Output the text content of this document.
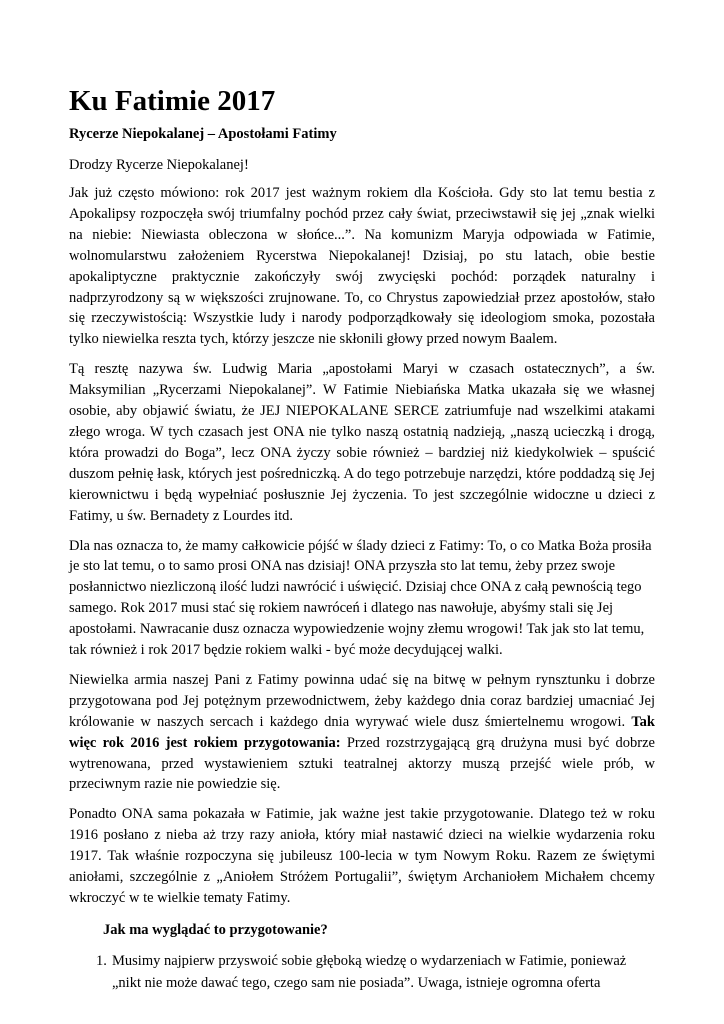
Ku Fatimie 2017
Rycerze Niepokalanej – Apostołami Fatimy
Drodzy Rycerze Niepokalanej!

Jak już często mówiono: rok 2017 jest ważnym rokiem dla Kościoła. Gdy sto lat temu bestia z Apokalipsy rozpoczęła swój triumfalny pochód przez cały świat, przeciwstawił się jej „znak wielki na niebie: Niewiasta obleczona w słońce...”. Na komunizm Maryja odpowiada w Fatimie, wolnomularstwu założeniem Rycerstwa Niepokalanej! Dzisiaj, po stu latach, obie bestie apokaliptyczne praktycznie zakończyły swój zwycięski pochód: porządek naturalny i nadprzyrodzony są w większości zrujnowane. To, co Chrystus zapowiedział przez apostołów, stało się rzeczywistością: Wszystkie ludy i narody podporządkowały się ideologiom smoka, pozostała tylko niewielka reszta tych, którzy jeszcze nie skłonili głowy przed nowym Baalem.

Tą resztę nazywa św. Ludwig Maria „apostołami Maryi w czasach ostatecznych”, a św. Maksymilian „Rycerzami Niepokalanej”. W Fatimie Niebiańska Matka ukazała się we własnej osobie, aby objawić światu, że JEJ NIEPOKALANE SERCE zatriumfuje nad wszelkimi atakami złego wroga. W tych czasach jest ONA nie tylko naszą ostatnią nadzieją, „naszą ucieczką i drogą, która prowadzi do Boga”, lecz ONA życzy sobie również – bardziej niż kiedykolwiek – spuścić duszom pełnię łask, których jest pośredniczką. A do tego potrzebuje narzędzi, które poddadzą się Jej kierownictwu i będą wypełniać posłusznie Jej życzenia. To jest szczególnie widoczne u dzieci z Fatimy, u św. Bernadety z Lourdes itd.

Dla nas oznacza to, że mamy całkowicie pójść w ślady dzieci z Fatimy: To, o co Matka Boża prosiła je sto lat temu, o to samo prosi ONA nas dzisiaj! ONA przyszła sto lat temu, żeby przez swoje posłannictwo niezliczoną ilość ludzi nawrócić i uświęcić. Dzisiaj chce ONA z całą pewnością tego samego. Rok 2017 musi stać się rokiem nawróceń i dlatego nas nawołuje, abyśmy stali się Jej apostołami. Nawracanie dusz oznacza wypowiedzenie wojny złemu wrogowi! Tak jak sto lat temu, tak również i rok 2017 będzie rokiem walki - być może decydującej walki.

Niewielka armia naszej Pani z Fatimy powinna udać się na bitwę w pełnym rynsztunku i dobrze przygotowana pod Jej potężnym przewodnictwem, żeby każdego dnia coraz bardziej umacniać Jej królowanie w naszych sercach i każdego dnia wyrywać wiele dusz śmiertelnemu wrogowi. Tak więc rok 2016 jest rokiem przygotowania: Przed rozstrzygającą grą drużyna musi być dobrze wytrenowana, przed wystawieniem sztuki teatralnej aktorzy muszą przejść wiele prób, w przeciwnym razie nie powiedzie się.

Ponadto ONA sama pokazała w Fatimie, jak ważne jest takie przygotowanie. Dlatego też w roku 1916 posłano z nieba aż trzy razy anioła, który miał nastawić dzieci na wielkie wydarzenia roku 1917. Tak właśnie rozpoczyna się jubileusz 100-lecia w tym Nowym Roku. Razem ze świętymi aniołami, szczególnie z „Aniołem Stróżem Portugalii”, świętym Archaniołem Michałem chcemy wkroczyć w te wielkie tematy Fatimy.

Jak ma wyglądać to przygotowanie?
1. Musimy najpierw przyswoić sobie głęboką wiedzę o wydarzeniach w Fatimie, ponieważ
„nikt nie może dawać tego, czego sam nie posiada”. Uwaga, istnieje ogromna oferta
